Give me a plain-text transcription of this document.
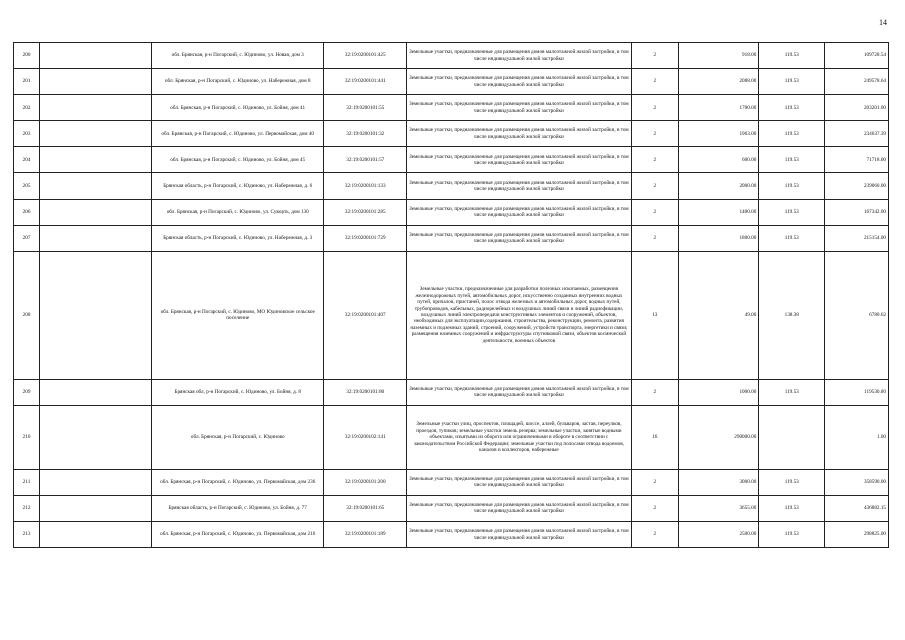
14
200		обл. Брянская, р-н Погарский, с. Юдиново, ул. Новая, дом 3	32:19:0200101:425	Земельные участки, предназначенные для размещения домов малоэтажной жилой застройки, в том числе индивидуальной жилой застройки	2	918.00	119.53	109728.54
201		обл. Брянская, р-н Погарский, с. Юдиново, ул. Набережная, дом 8	32:19:0200101:441	Земельные участки, предназначенные для размещения домов малоэтажной жилой застройки, в том числе индивидуальной жилой застройки	2	2088.00	119.53	249578.64
202		обл. Брянская, р-н Погарский, с. Юдиново, ул. Бойня, дом 41	32:19:0200101:55	Земельные участки, предназначенные для размещения домов малоэтажной жилой застройки, в том числе индивидуальной жилой застройки	2	1700.00	119.53	203201.00
203		обл. Брянская, р-н Погарский, с. Юдиново, ул. Первомайская, дом 40	32:19:0200101:32	Земельные участки, предназначенные для размещения домов малоэтажной жилой застройки, в том числе индивидуальной жилой застройки	2	1963.00	119.53	234637.39
204		обл. Брянская, р-н Погарский, с. Юдиново, ул. Бойня, дом 45	32:19:0200101:57	Земельные участки, предназначенные для размещения домов малоэтажной жилой застройки, в том числе индивидуальной жилой застройки	2	600.00	119.53	71718.00
205		Брянская область, р-н Погарский, с. Юдиново, ул. Набережная, д. 6	32:19:0200101:133	Земельные участки, предназначенные для размещения домов малоэтажной жилой застройки, в том числе индивидуальной жилой застройки	2	2000.00	119.53	239060.00
206		обл. Брянская, р-н Погарский, с. Юдиново, ул. Суворть, дом 130	32:19:0200101:285	Земельные участки, предназначенные для размещения домов малоэтажной жилой застройки, в том числе индивидуальной жилой застройки	2	1400.00	119.53	167342.00
207		Брянская область, р-н Погарский, с. Юдиново, ул. Набережная, д. 3	32:19:0200101:729	Земельные участки, предназначенные для размещения домов малоэтажной жилой застройки, в том числе индивидуальной жилой застройки	2	1800.00	119.53	215154.00
208		обл. Брянская, р-н Погарский, с. Юдиново, МО Юдиновское сельское поселение	32:19:0200101:407	Земельные участки, предназначенные для разработки полезных ископаемых, размещения железнодорожных путей, автомобильных дорог, искусственно созданных внутренних водных путей, причалов, пристаней, полос отвода железных и автомобильных дорог, водных путей, трубопроводов, кабельных, радиорелейных и воздушных линий связи и линий радиофикации, воздушных линий электропередачи конструктивных элементов и сооружений, объектов, необходимых для эксплуатации,содержания, строительства, реконструкции, ремонта, развития наземных и подземных зданий, строений, сооружений, устройств транспорта, энергетики и связи; размещения наземных сооружений и инфраструктуры спутниковой связи, объектов космической деятельности, военных объектов	13	49.00	138.38	6780.62
209		Брянская обл, р-н Погарский, с. Юдиново, ул. Бойня, д. 8	32:19:0200101:80	Земельные участки, предназначенные для размещения домов малоэтажной жилой застройки, в том числе индивидуальной жилой застройки	2	1000.00	119.53	119530.00
210		обл. Брянская, р-н Погарский, с. Юдиново	32:19:0200102:141	Земельные участки улиц, проспектов, площадей, шоссе, аллей, бульваров, застав, переулков, проездов, тупиков; земельные участки земель резерва; земельные участки, занятые водными объектами, изъятыми из оборота или ограниченными в обороте в соответствии с законодательством Российской Федерации; земельные участки под полосами отвода водоемов, каналов и коллекторов, набережные	16	290000.00		1.00
211		обл. Брянская, р-н Погарский, с. Юдиново, ул. Первомайская, дом 236	32:19:0200101:200	Земельные участки, предназначенные для размещения домов малоэтажной жилой застройки, в том числе индивидуальной жилой застройки	2	3000.00	119.53	358590.00
212		Брянская область, р-н Погарский, с. Юдиново, ул. Бойня, д. 77	32:19:0200101:65	Земельные участки, предназначенные для размещения домов малоэтажной жилой застройки, в том числе индивидуальной жилой застройки	2	3655.00	119.53	436882.15
213		обл. Брянская, р-н Погарский, с. Юдиново, ул. Первомайская, дом 216	32:19:0200101:189	Земельные участки, предназначенные для размещения домов малоэтажной жилой застройки, в том числе индивидуальной жилой застройки	2	2500.00	119.53	298825.00
